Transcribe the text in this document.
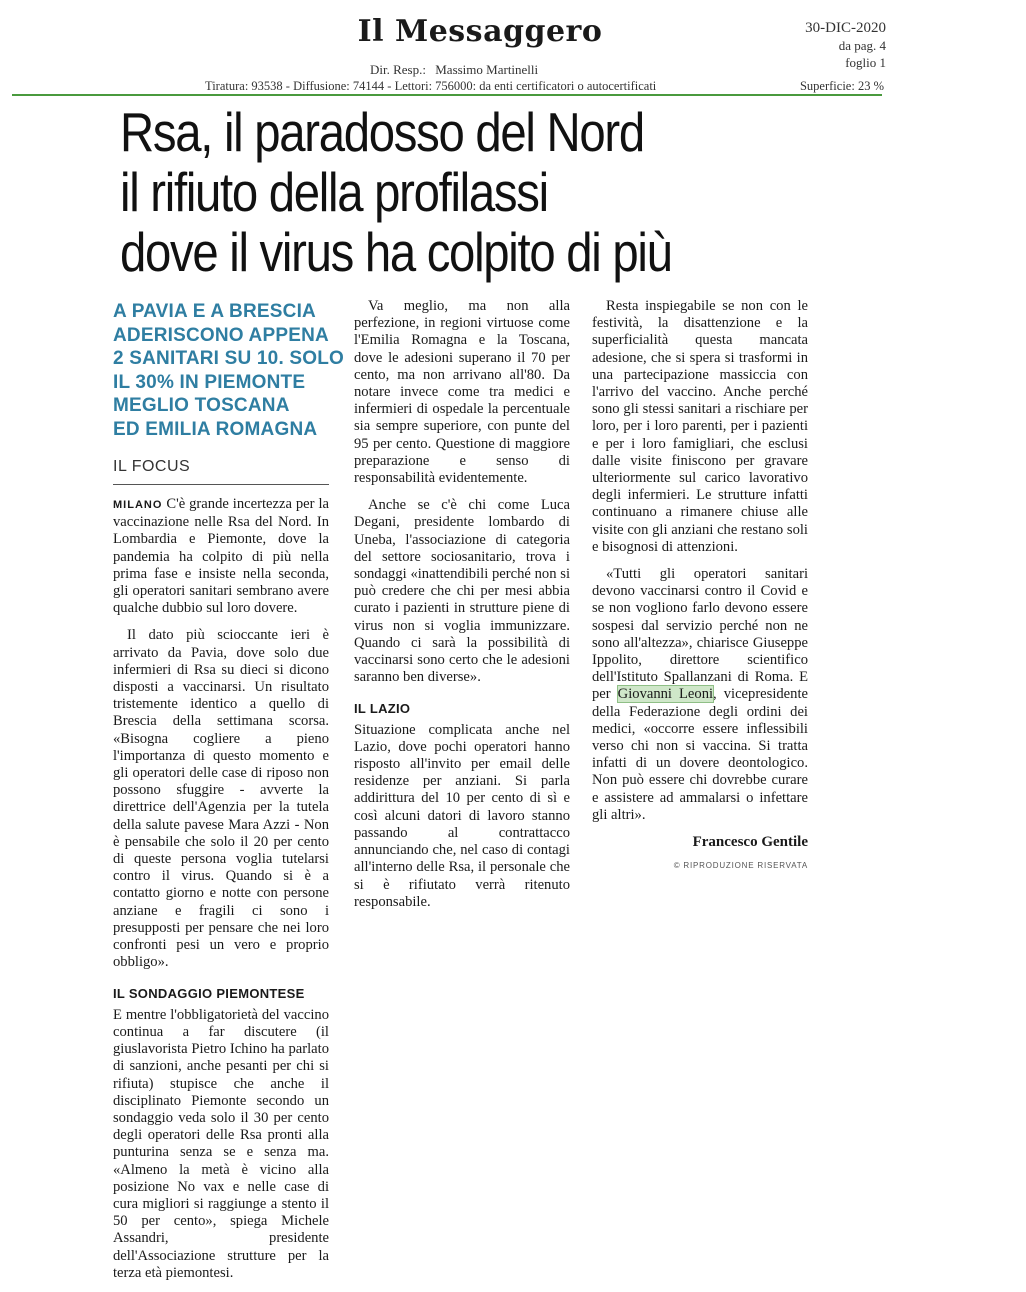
Il Messaggero
Dir. Resp.: Massimo Martinelli
30-DIC-2020
da pag. 4
foglio 1
Tiratura: 93538 - Diffusione: 74144 - Lettori: 756000: da enti certificatori o autocertificati	Superficie: 23 %
Rsa, il paradosso del Nord
il rifiuto della profilassi
dove il virus ha colpito di più
A PAVIA E A BRESCIA
ADERISCONO APPENA
2 SANITARI SU 10. SOLO
IL 30% IN PIEMONTE
MEGLIO TOSCANA
ED EMILIA ROMAGNA
IL FOCUS

MILANO C'è grande incertezza per la vaccinazione nelle Rsa del Nord. In Lombardia e Piemonte, dove la pandemia ha colpito di più nella prima fase e insiste nella seconda, gli operatori sanitari sembrano avere qualche dubbio sul loro dovere.

Il dato più scioccante ieri è arrivato da Pavia, dove solo due infermieri di Rsa su dieci si dicono disposti a vaccinarsi. Un risultato tristemente identico a quello di Brescia della settimana scorsa. «Bisogna cogliere a pieno l'importanza di questo momento e gli operatori delle case di riposo non possono sfuggire - avverte la direttrice dell'Agenzia per la tutela della salute pavese Mara Azzi - Non è pensabile che solo il 20 per cento di queste persona voglia tutelarsi contro il virus. Quando si è a contatto giorno e notte con persone anziane e fragili ci sono i presupposti per pensare che nei loro confronti pesi un vero e proprio obbligo».

IL SONDAGGIO PIEMONTESE

E mentre l'obbligatorietà del vaccino continua a far discutere (il giuslavorista Pietro Ichino ha parlato di sanzioni, anche pesanti per chi si rifiuta) stupisce che anche il disciplinato Piemonte secondo un sondaggio veda solo il 30 per cento degli operatori delle Rsa pronti alla punturina senza se e senza ma. «Almeno la metà è vicino alla posizione No vax e nelle case di cura migliori si raggiunge a stento il 50 per cento», spiega Michele Assandri, presidente dell'Associazione strutture per la terza età piemontesi.

Va meglio, ma non alla perfezione, in regioni virtuose come l'Emilia Romagna e la Toscana, dove le adesioni superano il 70 per cento, ma non arrivano all'80. Da notare invece come tra medici e infermieri di ospedale la percentuale sia sempre superiore, con punte del 95 per cento. Questione di maggiore preparazione e senso di responsabilità evidentemente.

Anche se c'è chi come Luca Degani, presidente lombardo di Uneba, l'associazione di categoria del settore sociosanitario, trova i sondaggi «inattendibili perché non si può credere che chi per mesi abbia curato i pazienti in strutture piene di virus non si voglia immunizzare. Quando ci sarà la possibilità di vaccinarsi sono certo che le adesioni saranno ben diverse».

IL LAZIO

Situazione complicata anche nel Lazio, dove pochi operatori hanno risposto all'invito per email delle residenze per anziani. Si parla addirittura del 10 per cento di sì e così alcuni datori di lavoro stanno passando al contrattacco annunciando che, nel caso di contagi all'interno delle Rsa, il personale che si è rifiutato verrà ritenuto responsabile.

Resta inspiegabile se non con le festività, la disattenzione e la superficialità questa mancata adesione, che si spera si trasformi in una partecipazione massiccia con l'arrivo del vaccino. Anche perché sono gli stessi sanitari a rischiare per loro, per i loro parenti, per i pazienti e per i loro famigliari, che esclusi dalle visite finiscono per gravare ulteriormente sul carico lavorativo degli infermieri. Le strutture infatti continuano a rimanere chiuse alle visite con gli anziani che restano soli e bisognosi di attenzioni.

«Tutti gli operatori sanitari devono vaccinarsi contro il Covid e se non vogliono farlo devono essere sospesi dal servizio perché non ne sono all'altezza», chiarisce Giuseppe Ippolito, direttore scientifico dell'Istituto Spallanzani di Roma. E per Giovanni Leoni, vicepresidente della Federazione degli ordini dei medici, «occorre essere inflessibili verso chi non si vaccina. Si tratta infatti di un dovere deontologico. Non può essere chi dovrebbe curare e assistere ad ammalarsi o infettare gli altri».

Francesco Gentile
© RIPRODUZIONE RISERVATA
